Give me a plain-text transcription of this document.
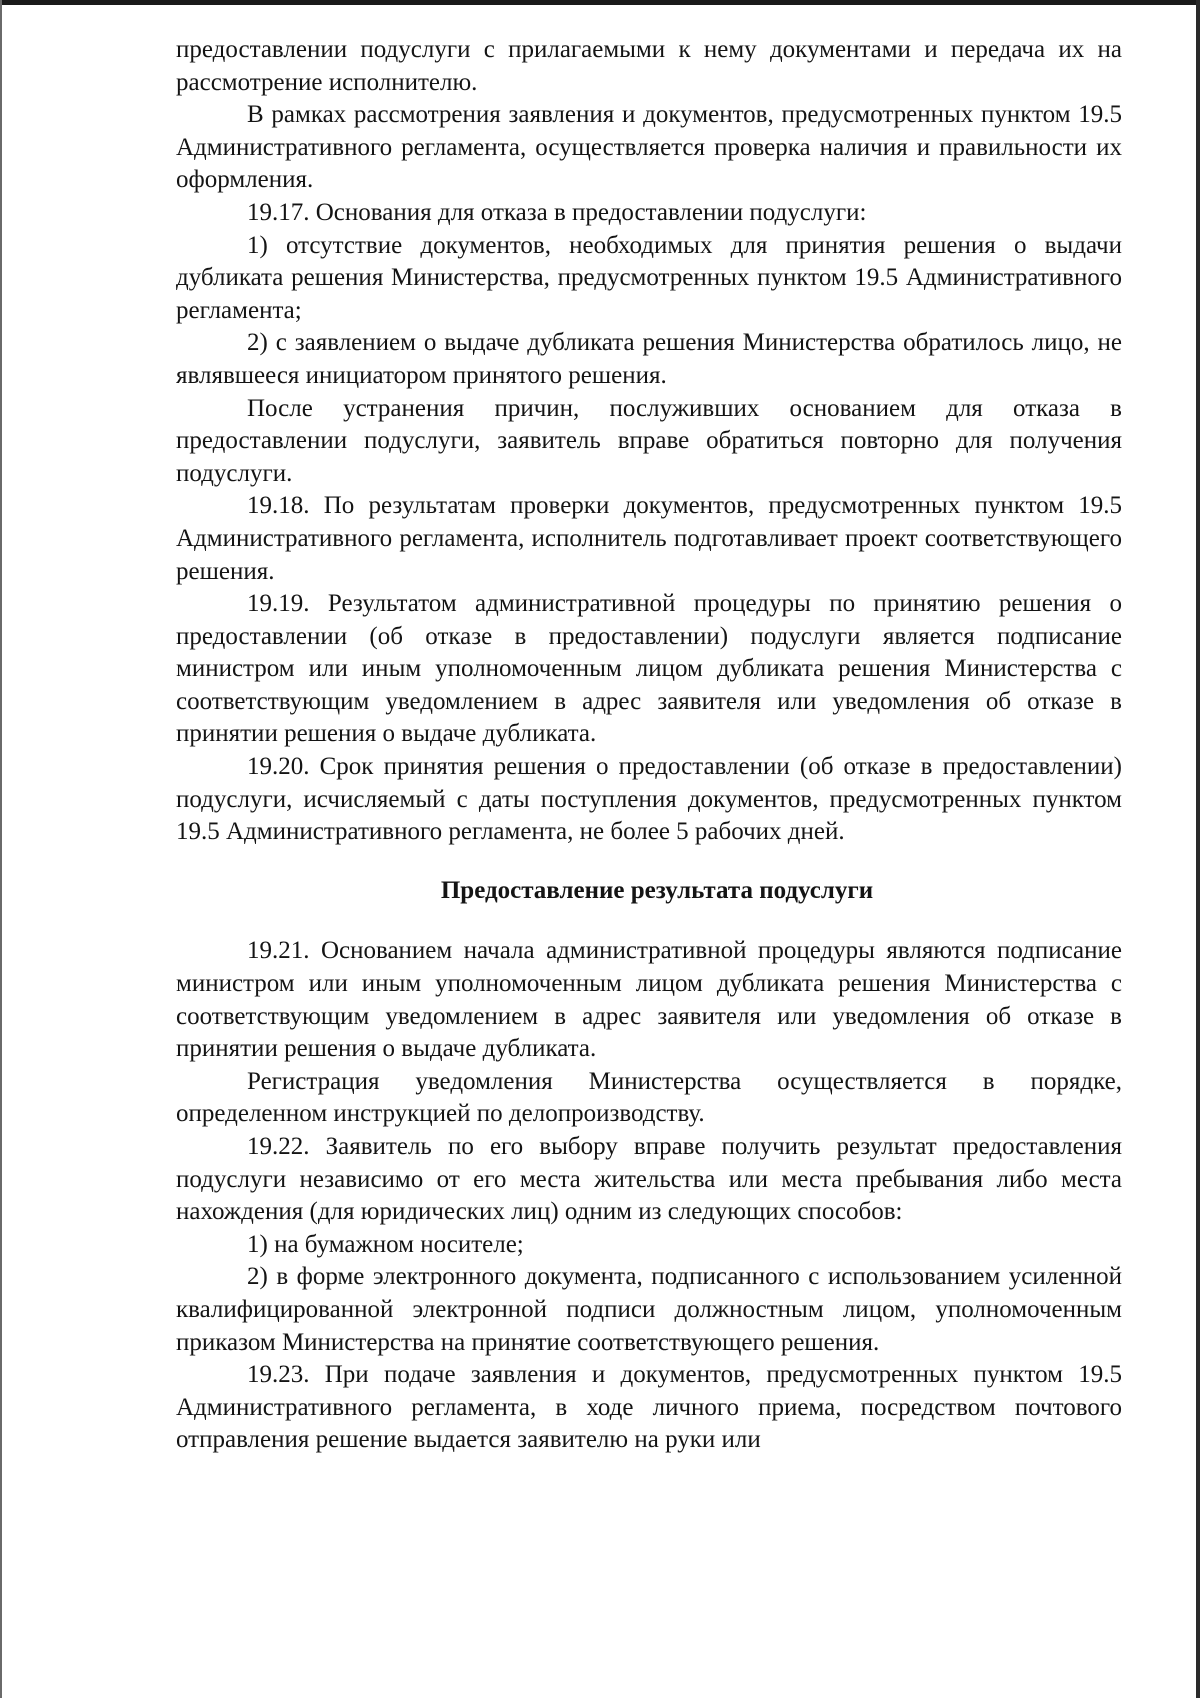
предоставлении подуслуги с прилагаемыми к нему документами и передача их на рассмотрение исполнителю.

В рамках рассмотрения заявления и документов, предусмотренных пунктом 19.5 Административного регламента, осуществляется проверка наличия и правильности их оформления.

19.17. Основания для отказа в предоставлении подуслуги:

1) отсутствие документов, необходимых для принятия решения о выдачи дубликата решения Министерства, предусмотренных пунктом 19.5 Административного регламента;

2) с заявлением о выдаче дубликата решения Министерства обратилось лицо, не являвшееся инициатором принятого решения.

После устранения причин, послуживших основанием для отказа в предоставлении подуслуги, заявитель вправе обратиться повторно для получения подуслуги.

19.18. По результатам проверки документов, предусмотренных пунктом 19.5 Административного регламента, исполнитель подготавливает проект соответствующего решения.

19.19. Результатом административной процедуры по принятию решения о предоставлении (об отказе в предоставлении) подуслуги является подписание министром или иным уполномоченным лицом дубликата решения Министерства с соответствующим уведомлением в адрес заявителя или уведомления об отказе в принятии решения о выдаче дубликата.

19.20. Срок принятия решения о предоставлении (об отказе в предоставлении) подуслуги, исчисляемый с даты поступления документов, предусмотренных пунктом 19.5 Административного регламента, не более 5 рабочих дней.

Предоставление результата подуслуги

19.21. Основанием начала административной процедуры являются подписание министром или иным уполномоченным лицом дубликата решения Министерства с соответствующим уведомлением в адрес заявителя или уведомления об отказе в принятии решения о выдаче дубликата.

Регистрация уведомления Министерства осуществляется в порядке, определенном инструкцией по делопроизводству.

19.22. Заявитель по его выбору вправе получить результат предоставления подуслуги независимо от его места жительства или места пребывания либо места нахождения (для юридических лиц) одним из следующих способов:

1) на бумажном носителе;

2) в форме электронного документа, подписанного с использованием усиленной квалифицированной электронной подписи должностным лицом, уполномоченным приказом Министерства на принятие соответствующего решения.

19.23. При подаче заявления и документов, предусмотренных пунктом 19.5 Административного регламента, в ходе личного приема, посредством почтового отправления решение выдается заявителю на руки или
